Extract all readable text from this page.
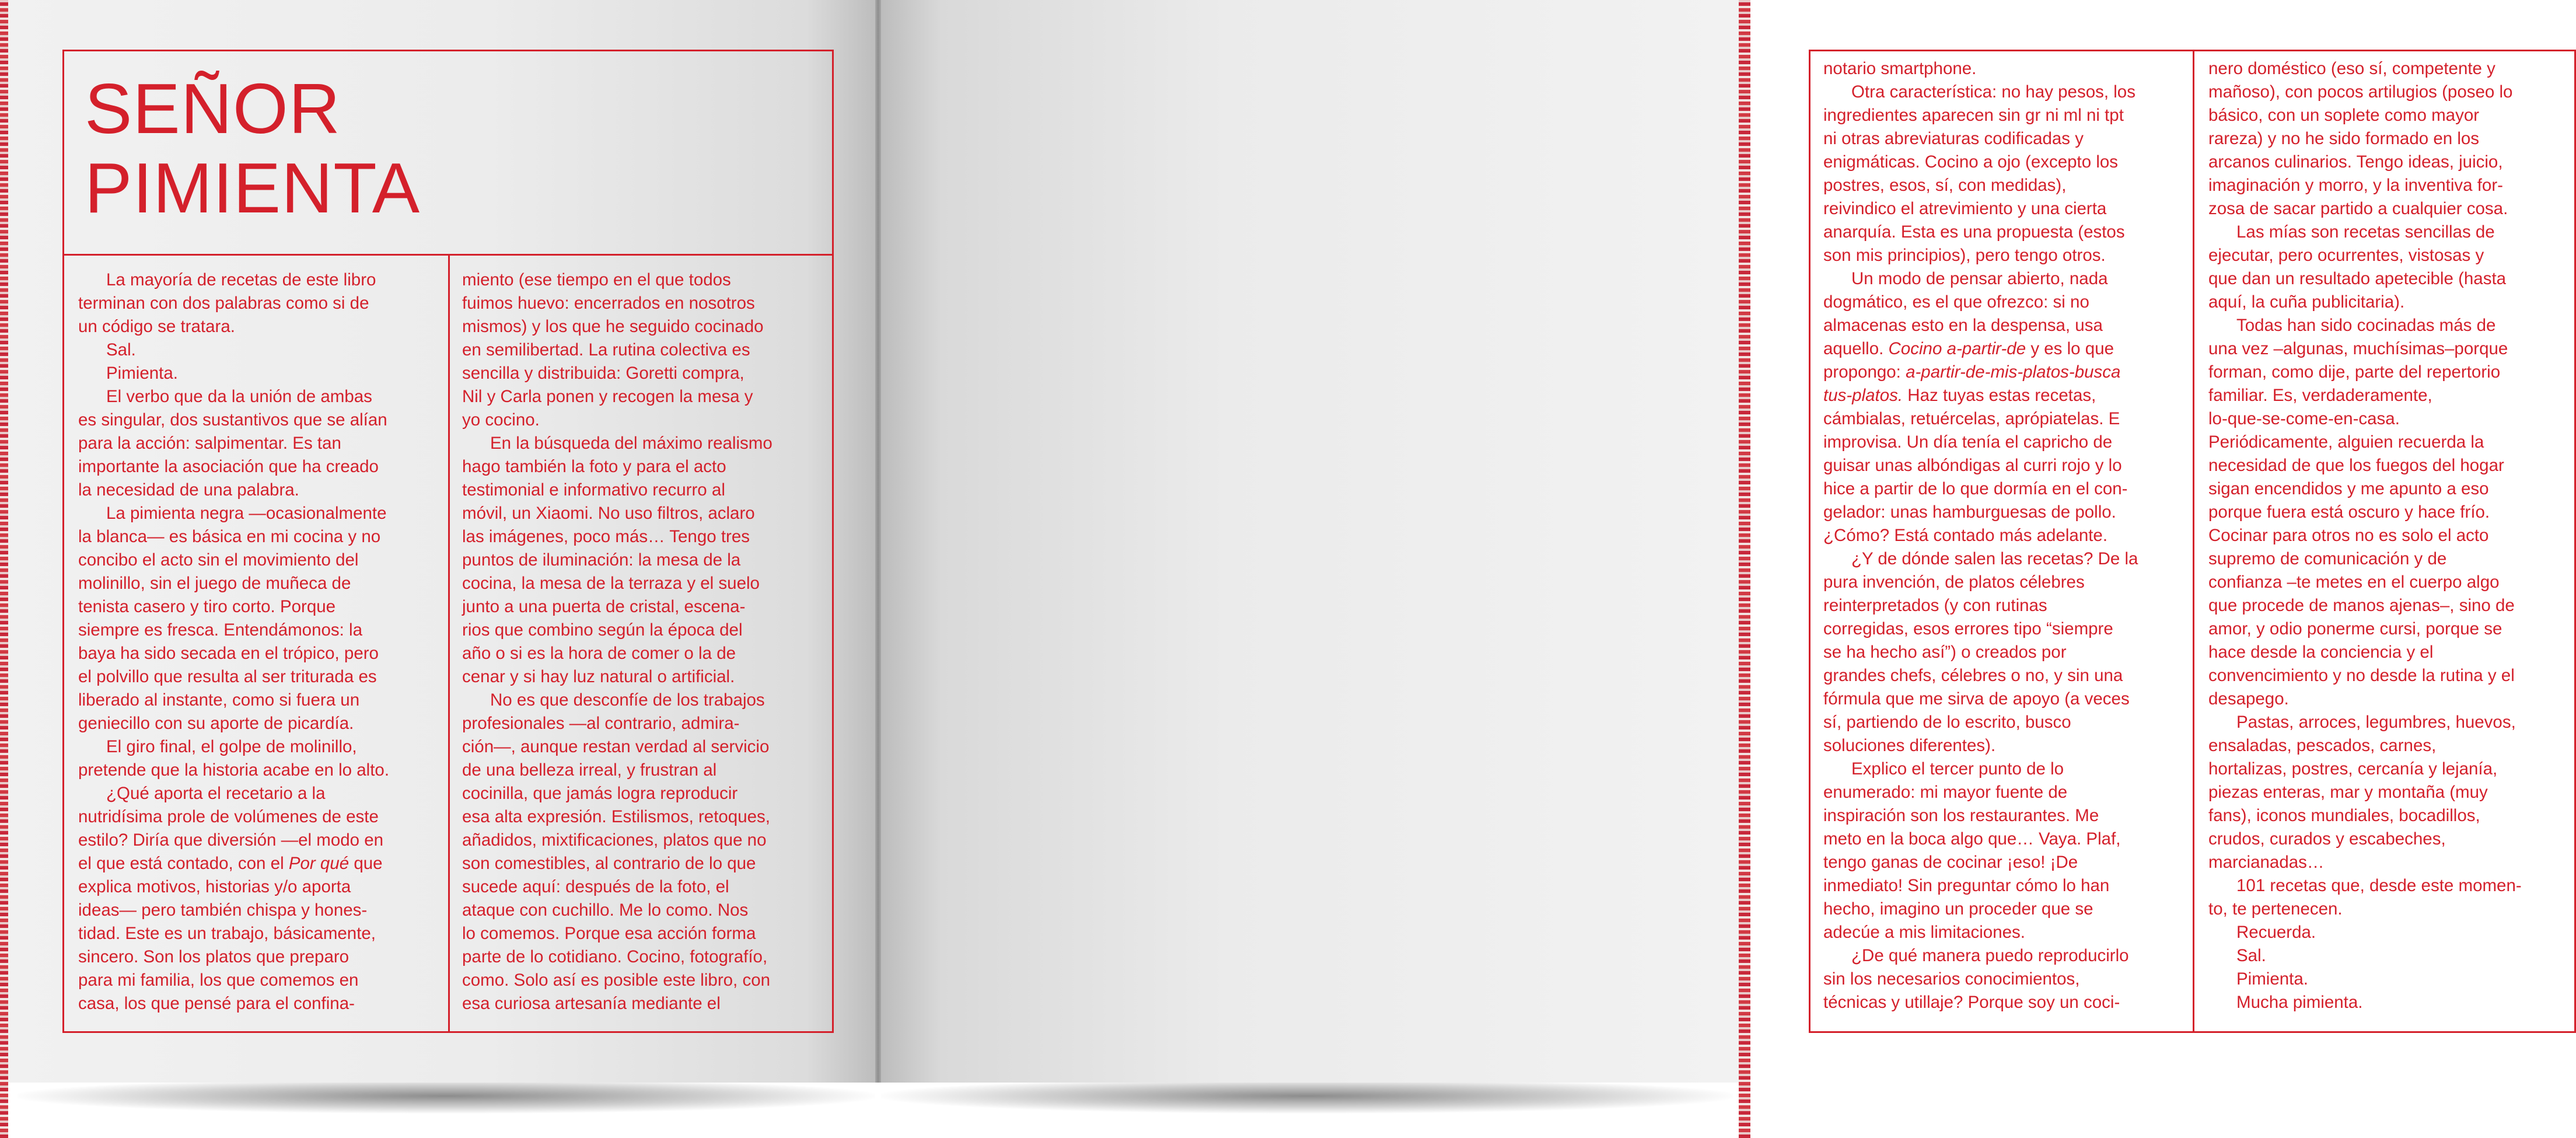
SEÑOR
PIMIENTA
La mayoría de recetas de este libro
terminan con dos palabras como si de
un código se tratara.
Sal.
Pimienta.
El verbo que da la unión de ambas
es singular, dos sustantivos que se alían
para la acción: salpimentar. Es tan
importante la asociación que ha creado
la necesidad de una palabra.
La pimienta negra —ocasionalmente
la blanca— es básica en mi cocina y no
concibo el acto sin el movimiento del
molinillo, sin el juego de muñeca de
tenista casero y tiro corto. Porque
siempre es fresca. Entendámonos: la
baya ha sido secada en el trópico, pero
el polvillo que resulta al ser triturada es
liberado al instante, como si fuera un
geniecillo con su aporte de picardía.
El giro final, el golpe de molinillo,
pretende que la historia acabe en lo alto.
¿Qué aporta el recetario a la
nutridísima prole de volúmenes de este
estilo? Diría que diversión —el modo en
el que está contado, con el Por qué que
explica motivos, historias y/o aporta
ideas— pero también chispa y hones-
tidad. Este es un trabajo, básicamente,
sincero. Son los platos que preparo
para mi familia, los que comemos en
casa, los que pensé para el confina-
miento (ese tiempo en el que todos
fuimos huevo: encerrados en nosotros
mismos) y los que he seguido cocinado
en semilibertad. La rutina colectiva es
sencilla y distribuida: Goretti compra,
Nil y Carla ponen y recogen la mesa y
yo cocino.
En la búsqueda del máximo realismo
hago también la foto y para el acto
testimonial e informativo recurro al
móvil, un Xiaomi. No uso filtros, aclaro
las imágenes, poco más… Tengo tres
puntos de iluminación: la mesa de la
cocina, la mesa de la terraza y el suelo
junto a una puerta de cristal, escena-
rios que combino según la época del
año o si es la hora de comer o la de
cenar y si hay luz natural o artificial.
No es que desconfíe de los trabajos
profesionales —al contrario, admira-
ción—, aunque restan verdad al servicio
de una belleza irreal, y frustran al
cocinilla, que jamás logra reproducir
esa alta expresión. Estilismos, retoques,
añadidos, mixtificaciones, platos que no
son comestibles, al contrario de lo que
sucede aquí: después de la foto, el
ataque con cuchillo. Me lo como. Nos
lo comemos. Porque esa acción forma
parte de lo cotidiano. Cocino, fotografío,
como. Solo así es posible este libro, con
esa curiosa artesanía mediante el
notario smartphone.
Otra característica: no hay pesos, los
ingredientes aparecen sin gr ni ml ni tpt
ni otras abreviaturas codificadas y
enigmáticas. Cocino a ojo (excepto los
postres, esos, sí, con medidas),
reivindico el atrevimiento y una cierta
anarquía. Esta es una propuesta (estos
son mis principios), pero tengo otros.
Un modo de pensar abierto, nada
dogmático, es el que ofrezco: si no
almacenas esto en la despensa, usa
aquello. Cocino a-partir-de y es lo que
propongo: a-partir-de-mis-platos-busca
tus-platos. Haz tuyas estas recetas,
cámbialas, retuércelas, aprópiatelas. E
improvisa. Un día tenía el capricho de
guisar unas albóndigas al curri rojo y lo
hice a partir de lo que dormía en el con-
gelador: unas hamburguesas de pollo.
¿Cómo? Está contado más adelante.
¿Y de dónde salen las recetas? De la
pura invención, de platos célebres
reinterpretados (y con rutinas
corregidas, esos errores tipo “siempre
se ha hecho así”) o creados por
grandes chefs, célebres o no, y sin una
fórmula que me sirva de apoyo (a veces
sí, partiendo de lo escrito, busco
soluciones diferentes).
Explico el tercer punto de lo
enumerado: mi mayor fuente de
inspiración son los restaurantes. Me
meto en la boca algo que… Vaya. Plaf,
tengo ganas de cocinar ¡eso! ¡De
inmediato! Sin preguntar cómo lo han
hecho, imagino un proceder que se
adecúe a mis limitaciones.
¿De qué manera puedo reproducirlo
sin los necesarios conocimientos,
técnicas y utillaje? Porque soy un coci-
nero doméstico (eso sí, competente y
mañoso), con pocos artilugios (poseo lo
básico, con un soplete como mayor
rareza) y no he sido formado en los
arcanos culinarios. Tengo ideas, juicio,
imaginación y morro, y la inventiva for-
zosa de sacar partido a cualquier cosa.
Las mías son recetas sencillas de
ejecutar, pero ocurrentes, vistosas y
que dan un resultado apetecible (hasta
aquí, la cuña publicitaria).
Todas han sido cocinadas más de
una vez –algunas, muchísimas–porque
forman, como dije, parte del repertorio
familiar. Es, verdaderamente,
lo-que-se-come-en-casa.
Periódicamente, alguien recuerda la
necesidad de que los fuegos del hogar
sigan encendidos y me apunto a eso
porque fuera está oscuro y hace frío.
Cocinar para otros no es solo el acto
supremo de comunicación y de
confianza –te metes en el cuerpo algo
que procede de manos ajenas–, sino de
amor, y odio ponerme cursi, porque se
hace desde la conciencia y el
convencimiento y no desde la rutina y el
desapego.
Pastas, arroces, legumbres, huevos,
ensaladas, pescados, carnes,
hortalizas, postres, cercanía y lejanía,
piezas enteras, mar y montaña (muy
fans), iconos mundiales, bocadillos,
crudos, curados y escabeches,
marcianadas…
101 recetas que, desde este momen-
to, te pertenecen.
Recuerda.
Sal.
Pimienta.
Mucha pimienta.
